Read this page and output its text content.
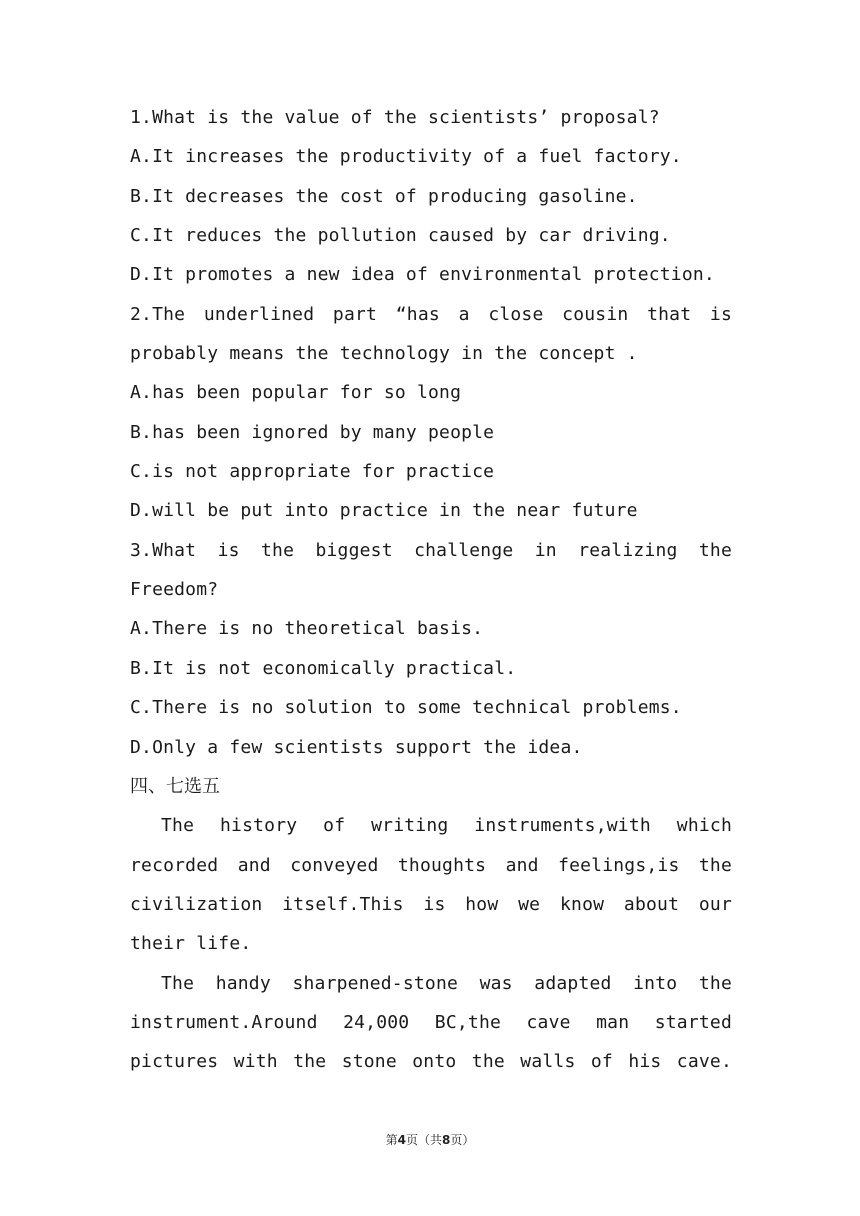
1.What is the value of the scientists’ proposal?
A.It increases the productivity of a fuel factory.
B.It decreases the cost of producing gasoline.
C.It reduces the pollution caused by car driving.
D.It promotes a new idea of environmental protection.
2.The underlined part “has a close cousin that is
probably means the technology in the concept .
A.has been popular for so long
B.has been ignored by many people
C.is not appropriate for practice
D.will be put into practice in the near future
3.What is the biggest challenge in realizing the
Freedom?
A.There is no theoretical basis.
B.It is not economically practical.
C.There is no solution to some technical problems.
D.Only a few scientists support the idea.
四、七选五
The history of writing instruments,with which
recorded and conveyed thoughts and feelings,is the
civilization itself.This is how we know about our
their life.
The handy sharpened-stone was adapted into the
instrument.Around 24,000 BC,the cave man started
pictures with the stone onto the walls of his cave.
第4页（共8页）
